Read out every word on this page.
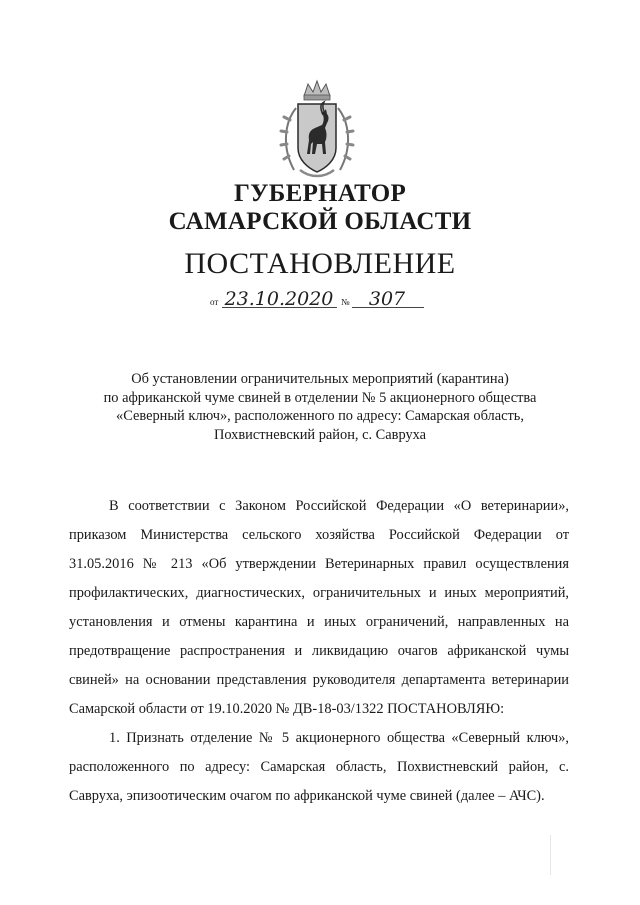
ГУБЕРНАТОР
САМАРСКОЙ ОБЛАСТИ
ПОСТАНОВЛЕНИЕ
от 23.10.2020 №	307
Об установлении ограничительных мероприятий (карантина)
по африканской чуме свиней в отделении № 5 акционерного общества
«Северный ключ», расположенного по адресу: Самарская область,
Похвистневский район, с. Савруха

В соответствии с Законом Российской Федерации «О ветеринарии», приказом Министерства сельского хозяйства Российской Федерации от 31.05.2016 № 213 «Об утверждении Ветеринарных правил осуществления профилактических, диагностических, ограничительных и иных мероприятий, установления и отмены карантина и иных ограничений, направленных на предотвращение распространения и ликвидацию очагов африканской чумы свиней» на основании представления руководителя департамента ветеринарии Самарской области от 19.10.2020 № ДВ-18-03/1322 ПОСТАНОВЛЯЮ:

1. Признать отделение № 5 акционерного общества «Северный ключ», расположенного по адресу: Самарская область, Похвистневский район, с. Савруха, эпизоотическим очагом по африканской чуме свиней (далее – АЧС).
